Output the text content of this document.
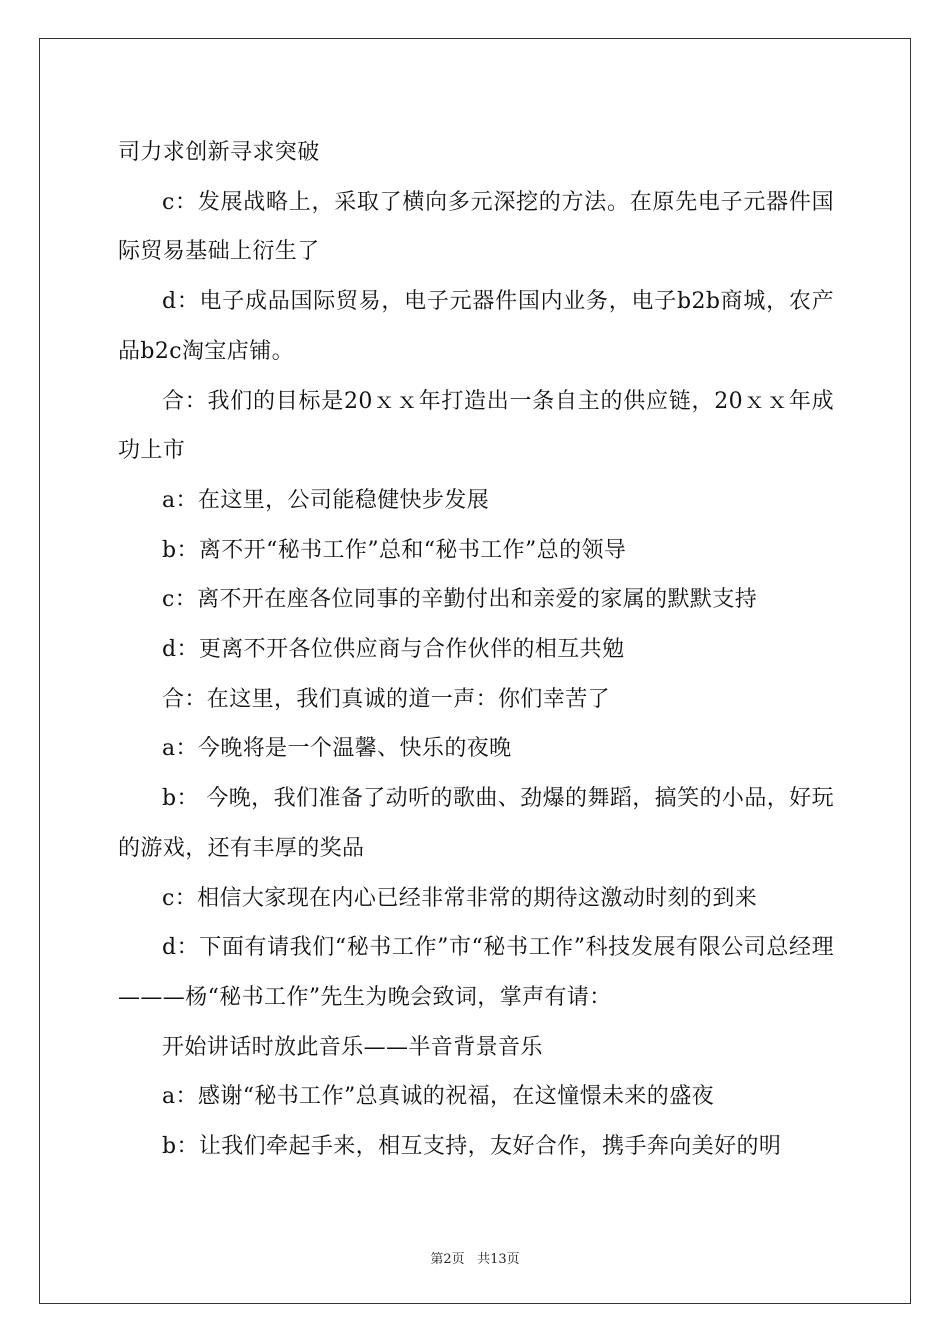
司力求创新寻求突破

c：发展战略上，采取了横向多元深挖的方法。在原先电子元器件国际贸易基础上衍生了

d：电子成品国际贸易，电子元器件国内业务，电子b2b商城，农产品b2c淘宝店铺。

合：我们的目标是20ｘｘ年打造出一条自主的供应链，20ｘｘ年成功上市

a：在这里，公司能稳健快步发展

b：离不开“秘书工作”总和“秘书工作”总的领导

c：离不开在座各位同事的辛勤付出和亲爱的家属的默默支持

d：更离不开各位供应商与合作伙伴的相互共勉

合：在这里，我们真诚的道一声：你们幸苦了

a：今晚将是一个温馨、快乐的夜晚

b： 今晚，我们准备了动听的歌曲、劲爆的舞蹈，搞笑的小品，好玩的游戏，还有丰厚的奖品

c：相信大家现在内心已经非常非常的期待这激动时刻的到来

d：下面有请我们“秘书工作”市“秘书工作”科技发展有限公司总经理———杨“秘书工作”先生为晚会致词，掌声有请：

开始讲话时放此音乐——半音背景音乐

a：感谢“秘书工作”总真诚的祝福，在这憧憬未来的盛夜

b：让我们牵起手来，相互支持，友好合作，携手奔向美好的明

第2页 共13页
